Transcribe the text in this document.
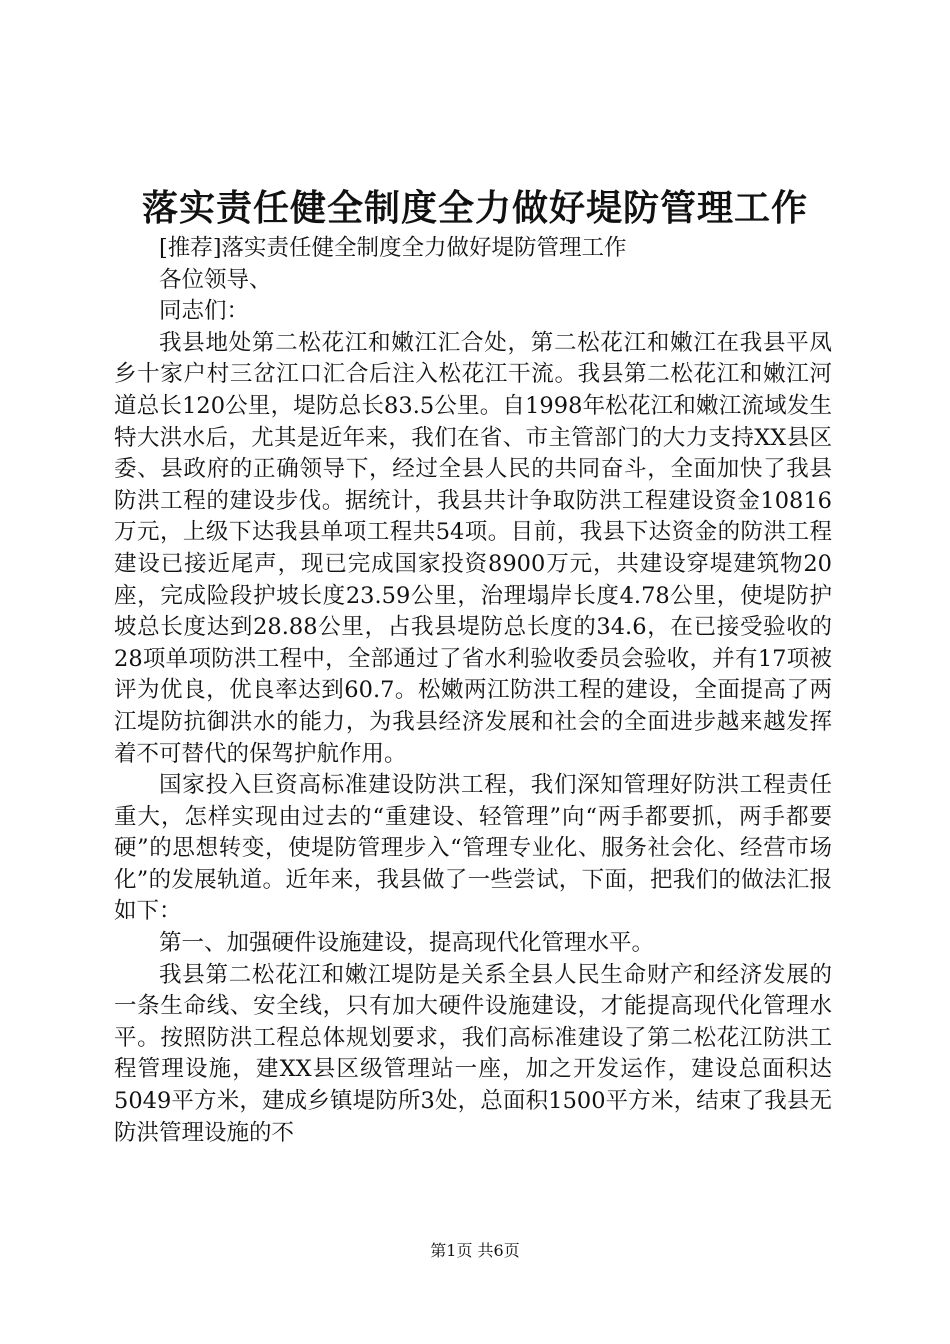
落实责任健全制度全力做好堤防管理工作

[推荐]落实责任健全制度全力做好堤防管理工作

各位领导、

同志们：

我县地处第二松花江和嫩江汇合处，第二松花江和嫩江在我县平凤乡十家户村三岔江口汇合后注入松花江干流。我县第二松花江和嫩江河道总长120公里，堤防总长83.5公里。自1998年松花江和嫩江流域发生特大洪水后，尤其是近年来，我们在省、市主管部门的大力支持XX县区委、县政府的正确领导下，经过全县人民的共同奋斗，全面加快了我县防洪工程的建设步伐。据统计，我县共计争取防洪工程建设资金10816万元，上级下达我县单项工程共54项。目前，我县下达资金的防洪工程建设已接近尾声，现已完成国家投资8900万元，共建设穿堤建筑物20座，完成险段护坡长度23.59公里，治理塌岸长度4.78公里，使堤防护坡总长度达到28.88公里，占我县堤防总长度的34.6，在已接受验收的28项单项防洪工程中，全部通过了省水利验收委员会验收，并有17项被评为优良，优良率达到60.7。松嫩两江防洪工程的建设，全面提高了两江堤防抗御洪水的能力，为我县经济发展和社会的全面进步越来越发挥着不可替代的保驾护航作用。

国家投入巨资高标准建设防洪工程，我们深知管理好防洪工程责任重大，怎样实现由过去的“重建设、轻管理”向“两手都要抓，两手都要硬”的思想转变，使堤防管理步入“管理专业化、服务社会化、经营市场化”的发展轨道。近年来，我县做了一些尝试，下面，把我们的做法汇报如下：

第一、加强硬件设施建设，提高现代化管理水平。

我县第二松花江和嫩江堤防是关系全县人民生命财产和经济发展的一条生命线、安全线，只有加大硬件设施建设，才能提高现代化管理水平。按照防洪工程总体规划要求，我们高标准建设了第二松花江防洪工程管理设施，建XX县区级管理站一座，加之开发运作，建设总面积达5049平方米，建成乡镇堤防所3处，总面积1500平方米，结束了我县无防洪管理设施的不

第1页 共6页
